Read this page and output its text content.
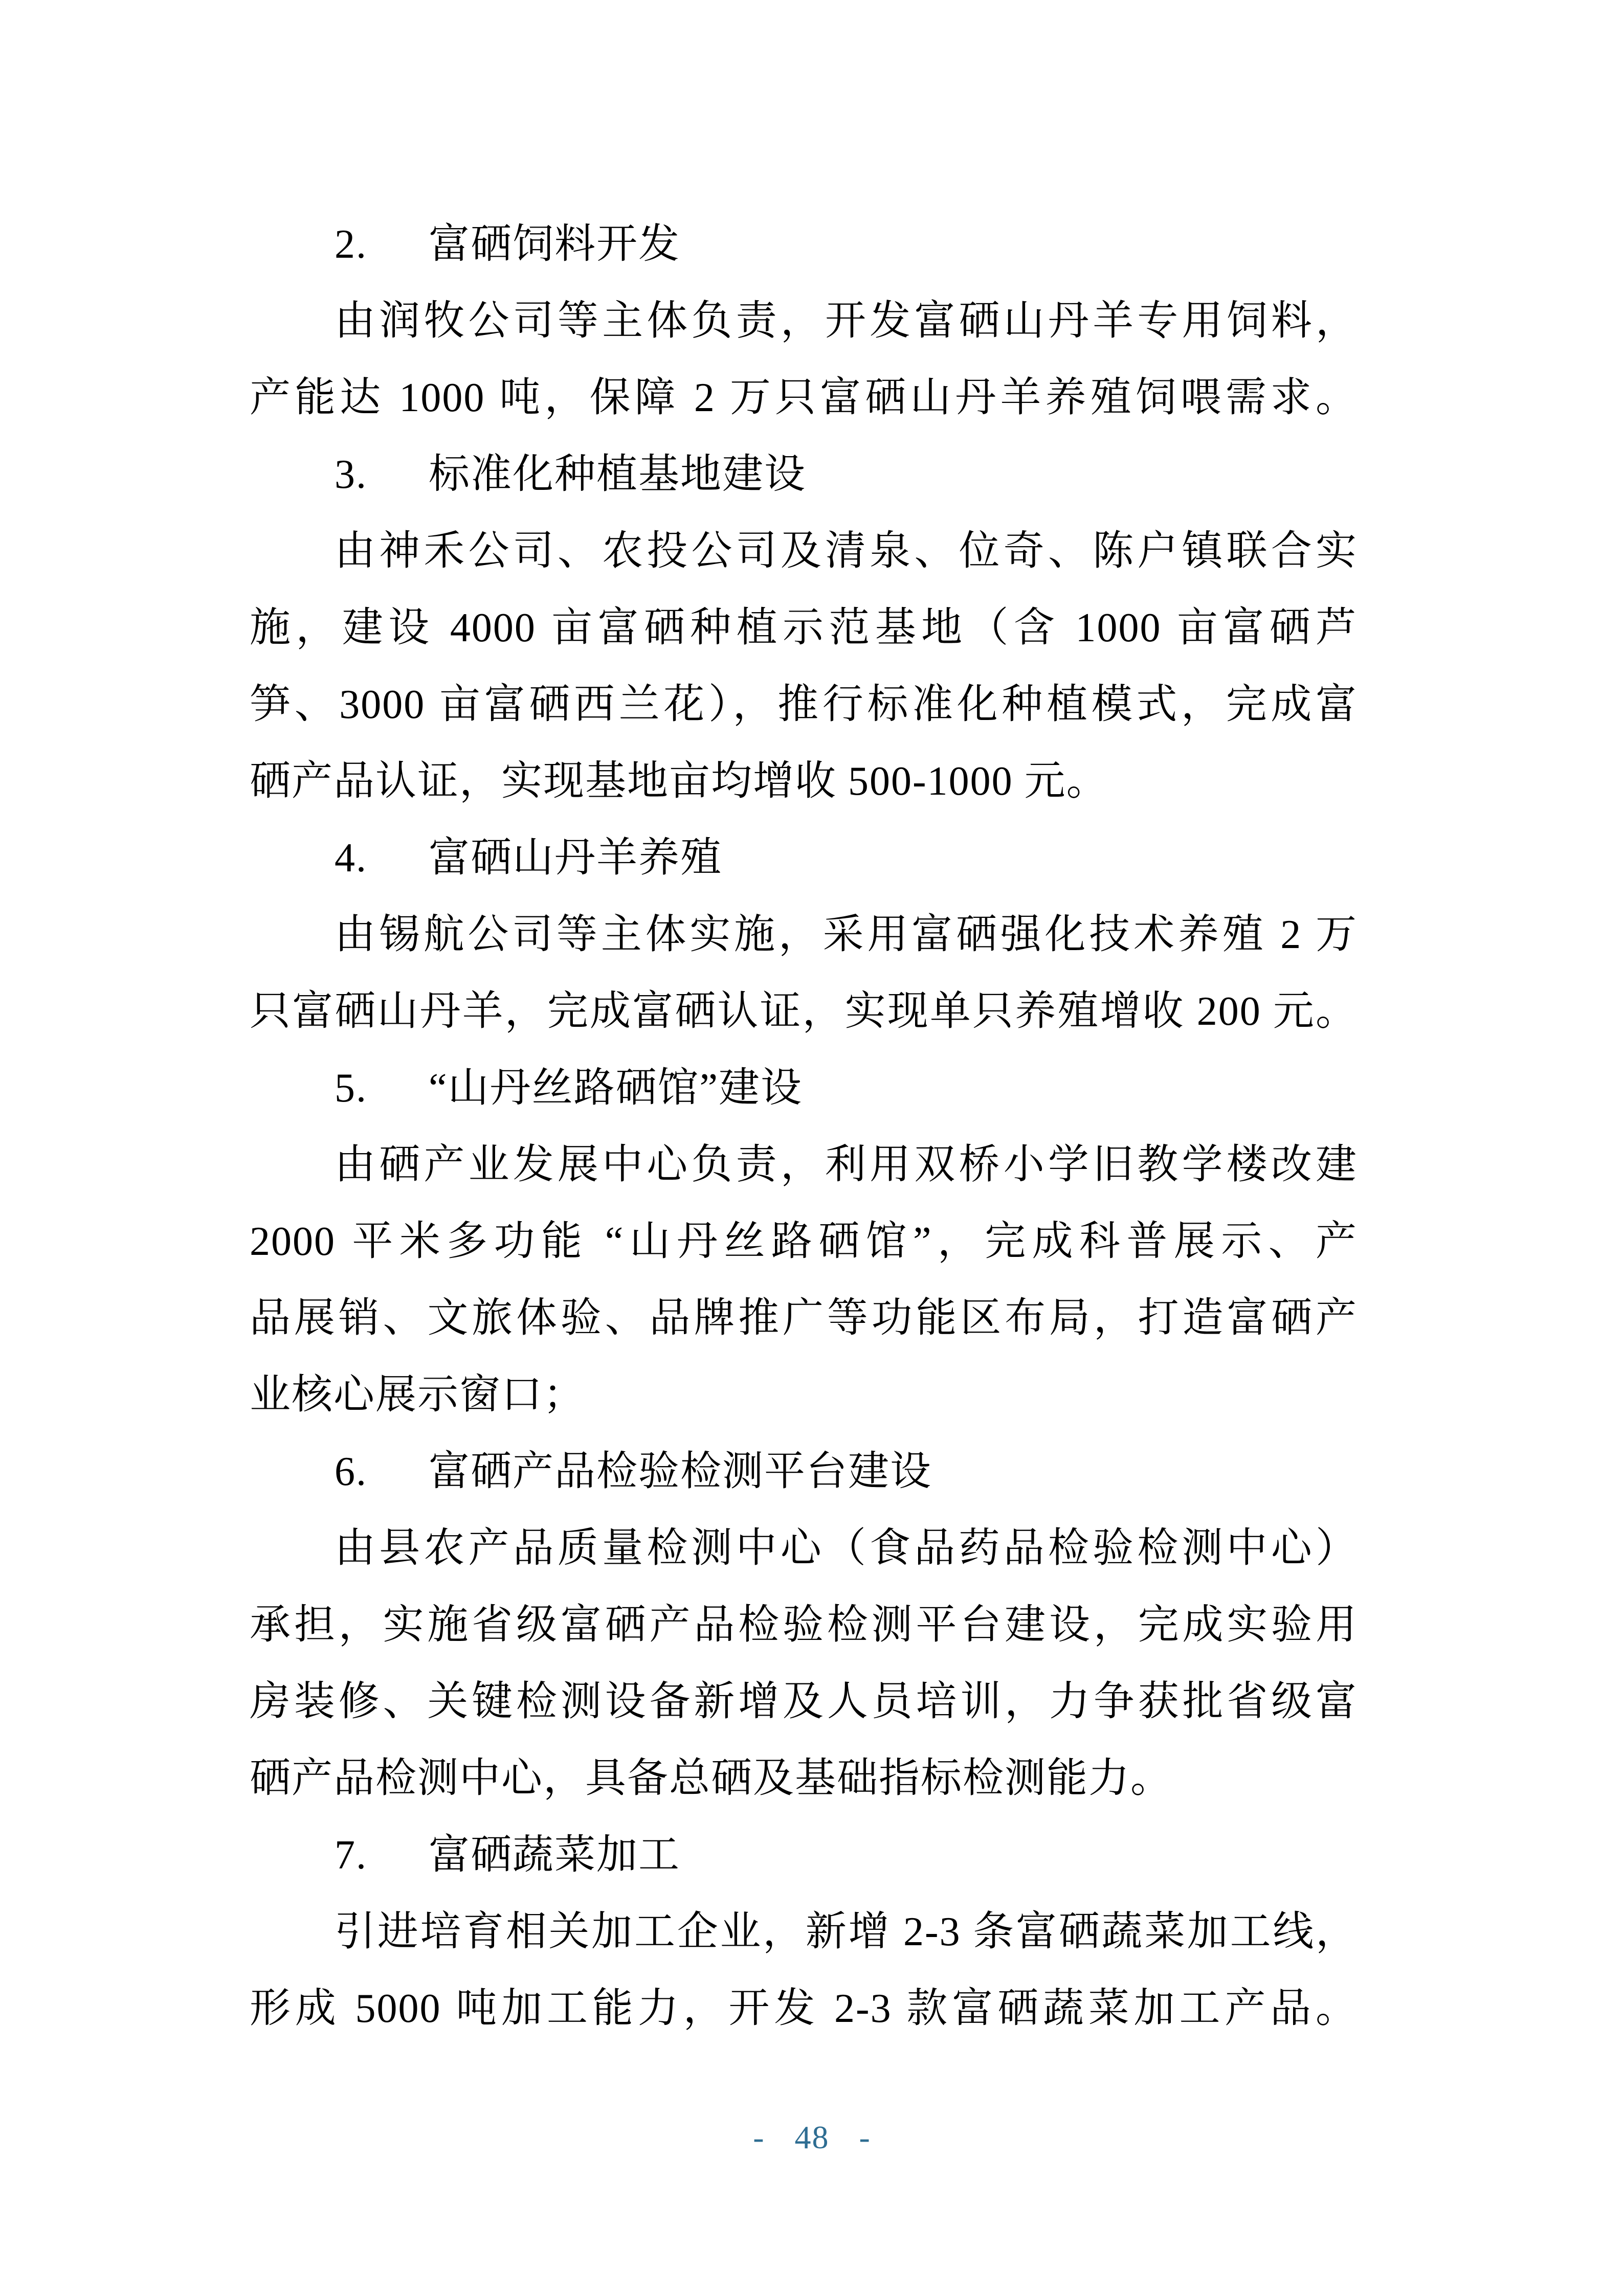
2. 富硒饲料开发
由润牧公司等主体负责，开发富硒山丹羊专用饲料，
产能达 1000 吨，保障 2 万只富硒山丹羊养殖饲喂需求。
3. 标准化种植基地建设
由神禾公司、农投公司及清泉、位奇、陈户镇联合实
施，建设 4000 亩富硒种植示范基地（含 1000 亩富硒芦
笋、3000 亩富硒西兰花），推行标准化种植模式，完成富
硒产品认证，实现基地亩均增收 500-1000 元。
4. 富硒山丹羊养殖
由锡航公司等主体实施，采用富硒强化技术养殖 2 万
只富硒山丹羊，完成富硒认证，实现单只养殖增收 200 元。
5. “山丹丝路硒馆”建设
由硒产业发展中心负责，利用双桥小学旧教学楼改建
2000 平米多功能 “山丹丝路硒馆”，完成科普展示、产
品展销、文旅体验、品牌推广等功能区布局，打造富硒产
业核心展示窗口；
6. 富硒产品检验检测平台建设
由县农产品质量检测中心（食品药品检验检测中心）
承担，实施省级富硒产品检验检测平台建设，完成实验用
房装修、关键检测设备新增及人员培训，力争获批省级富
硒产品检测中心，具备总硒及基础指标检测能力。
7. 富硒蔬菜加工
引进培育相关加工企业，新增 2-3 条富硒蔬菜加工线，
形成 5000 吨加工能力，开发 2-3 款富硒蔬菜加工产品。
- 48 -
